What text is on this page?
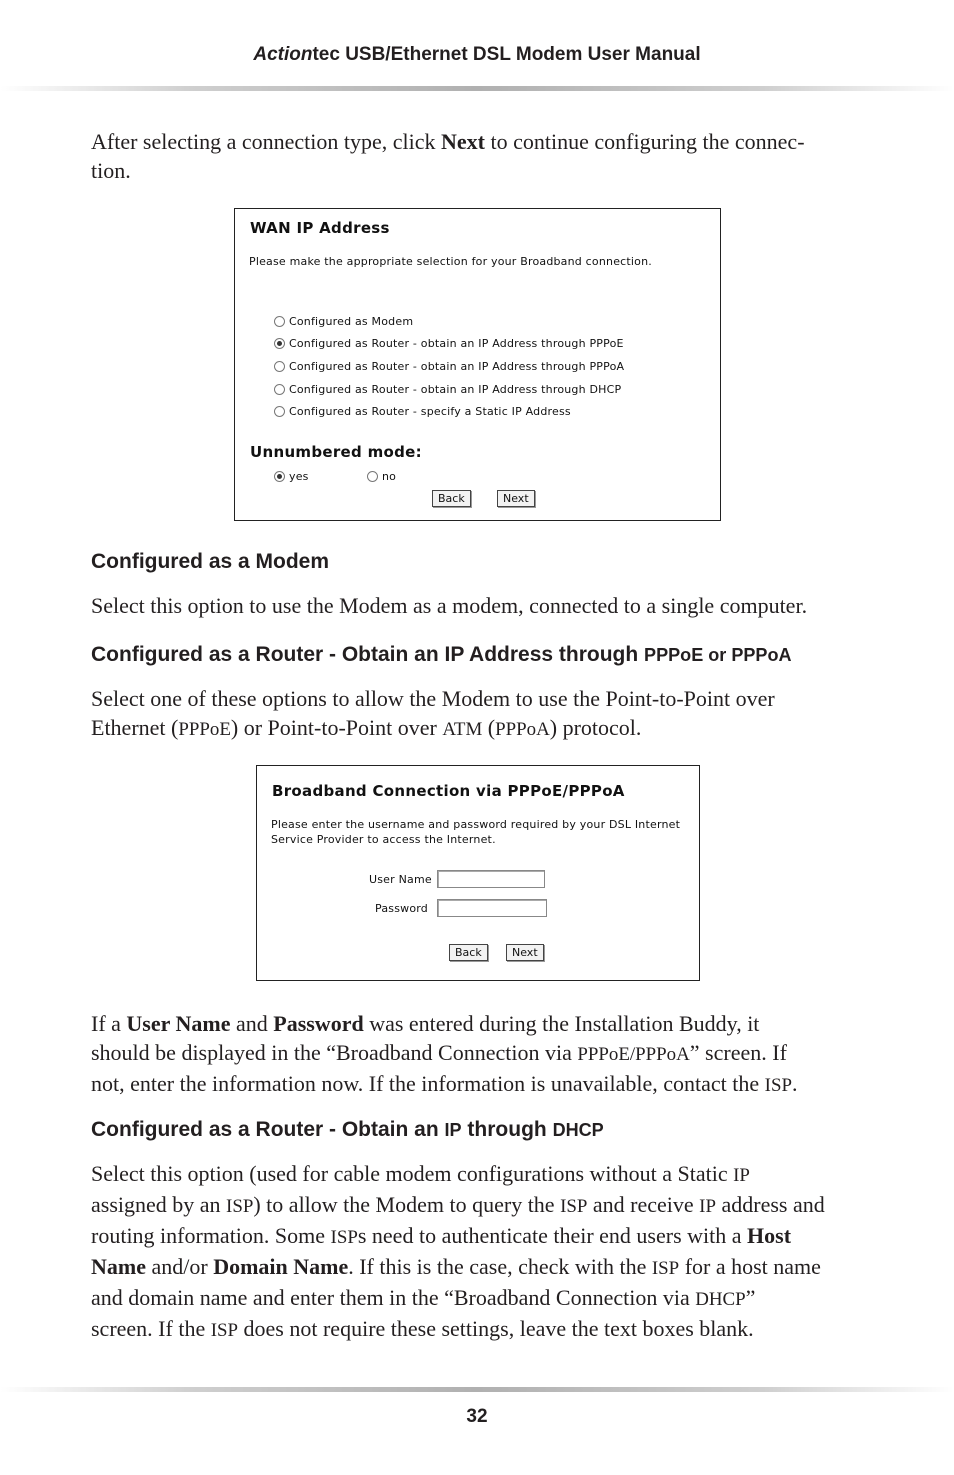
Actiontec USB/Ethernet DSL Modem User Manual

After selecting a connection type, click Next to continue configuring the connec-
tion.

WAN IP Address
Please make the appropriate selection for your Broadband connection.
Configured as Modem
Configured as Router - obtain an IP Address through PPPoE
Configured as Router - obtain an IP Address through PPPoA
Configured as Router - obtain an IP Address through DHCP
Configured as Router - specify a Static IP Address
Unnumbered mode:
yes	no
Back	Next
Configured as a Modem

Select this option to use the Modem as a modem, connected to a single computer.

Configured as a Router - Obtain an IP Address through PPPoE or PPPoA

Select one of these options to allow the Modem to use the Point-to-Point over
Ethernet (PPPoE) or Point-to-Point over ATM (PPPoA) protocol.

Broadband Connection via PPPoE/PPPoA
Please enter the username and password required by your DSL Internet
Service Provider to access the Internet.
User Name
Password
Back	Next

If a User Name and Password was entered during the Installation Buddy, it
should be displayed in the “Broadband Connection via PPPoE/PPPoA” screen. If
not, enter the information now. If the information is unavailable, contact the ISP.

Configured as a Router - Obtain an IP through DHCP

Select this option (used for cable modem configurations without a Static IP
assigned by an ISP) to allow the Modem to query the ISP and receive IP address and
routing information. Some ISPs need to authenticate their end users with a Host
Name and/or Domain Name. If this is the case, check with the ISP for a host name
and domain name and enter them in the “Broadband Connection via DHCP”
screen. If the ISP does not require these settings, leave the text boxes blank.

32
